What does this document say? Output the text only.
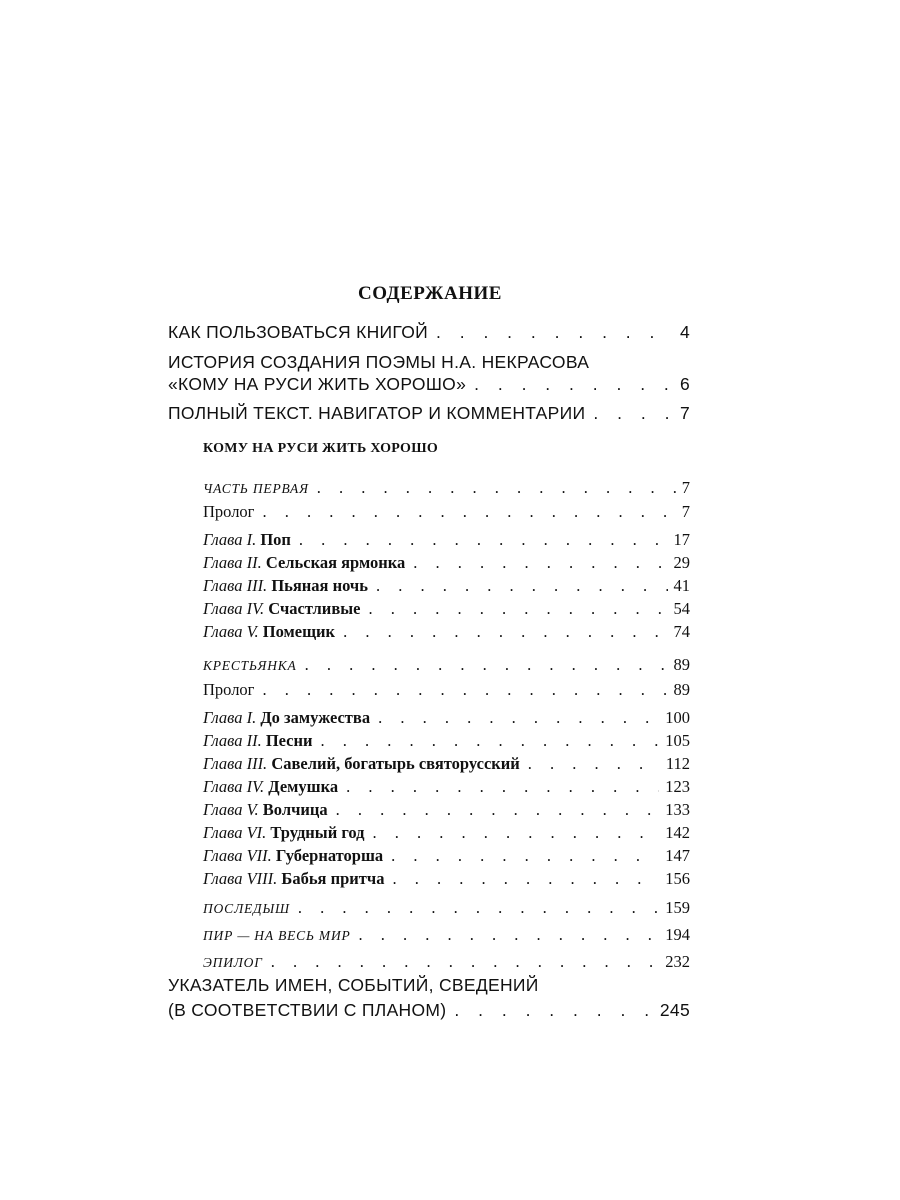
СОДЕРЖАНИЕ
КАК ПОЛЬЗОВАТЬСЯ КНИГОЙ . . .	4
ИСТОРИЯ СОЗДАНИЯ ПОЭМЫ Н.А. НЕКРАСОВА
«КОМУ НА РУСИ ЖИТЬ ХОРОШО» . . .	6
ПОЛНЫЙ ТЕКСТ. НАВИГАТОР И КОММЕНТАРИИ . . .	7
КОМУ НА РУСИ ЖИТЬ ХОРОШО
ЧАСТЬ ПЕРВАЯ . . .	7
Пролог . . .	7
Глава I. Поп . . .	17
Глава II. Сельская ярмонка . . .	29
Глава III. Пьяная ночь . . .	41
Глава IV. Счастливые . . .	54
Глава V. Помещик . . .	74
КРЕСТЬЯНКА . . .	89
Пролог . . .	89
Глава I. До замужества . . .	100
Глава II. Песни . . .	105
Глава III. Савелий, богатырь святорусский . . .	112
Глава IV. Демушка . . .	123
Глава V. Волчица . . .	133
Глава VI. Трудный год . . .	142
Глава VII. Губернаторша . . .	147
Глава VIII. Бабья притча . . .	156
ПОСЛЕДЫШ . . .	159
ПИР — НА ВЕСЬ МИР . . .	194
ЭПИЛОГ . . .	232
УКАЗАТЕЛЬ ИМЕН, СОБЫТИЙ, СВЕДЕНИЙ
(В СООТВЕТСТВИИ С ПЛАНОМ) . . .	245
